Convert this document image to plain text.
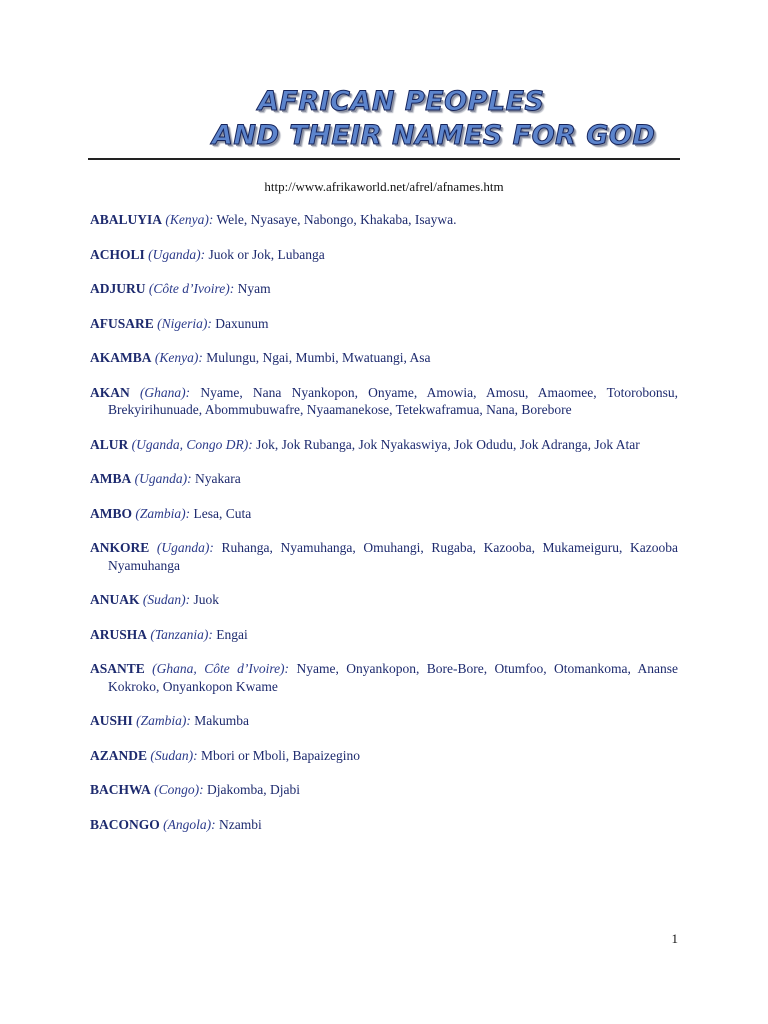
AFRICAN PEOPLES
AND THEIR NAMES FOR GOD
http://www.afrikaworld.net/afrel/afnames.htm

ABALUYIA (Kenya): Wele, Nyasaye, Nabongo, Khakaba, Isaywa.

ACHOLI (Uganda): Juok or Jok, Lubanga

ADJURU (Côte d’Ivoire): Nyam

AFUSARE (Nigeria): Daxunum

AKAMBA (Kenya): Mulungu, Ngai, Mumbi, Mwatuangi, Asa

AKAN (Ghana): Nyame, Nana Nyankopon, Onyame, Amowia, Amosu, Amaomee, Totorobonsu, Brekyirihunuade, Abommubuwafre, Nyaamanekose, Tetekwaframua, Nana, Borebore

ALUR (Uganda, Congo DR): Jok, Jok Rubanga, Jok Nyakaswiya, Jok Odudu, Jok Adranga, Jok Atar

AMBA (Uganda): Nyakara

AMBO (Zambia): Lesa, Cuta

ANKORE (Uganda): Ruhanga, Nyamuhanga, Omuhangi, Rugaba, Kazooba, Mukameiguru, Kazooba Nyamuhanga

ANUAK (Sudan): Juok

ARUSHA (Tanzania): Engai

ASANTE (Ghana, Côte d’Ivoire): Nyame, Onyankopon, Bore-Bore, Otumfoo, Otomankoma, Ananse Kokroko, Onyankopon Kwame

AUSHI (Zambia): Makumba

AZANDE (Sudan): Mbori or Mboli, Bapaizegino

BACHWA (Congo): Djakomba, Djabi

BACONGO (Angola): Nzambi

1
